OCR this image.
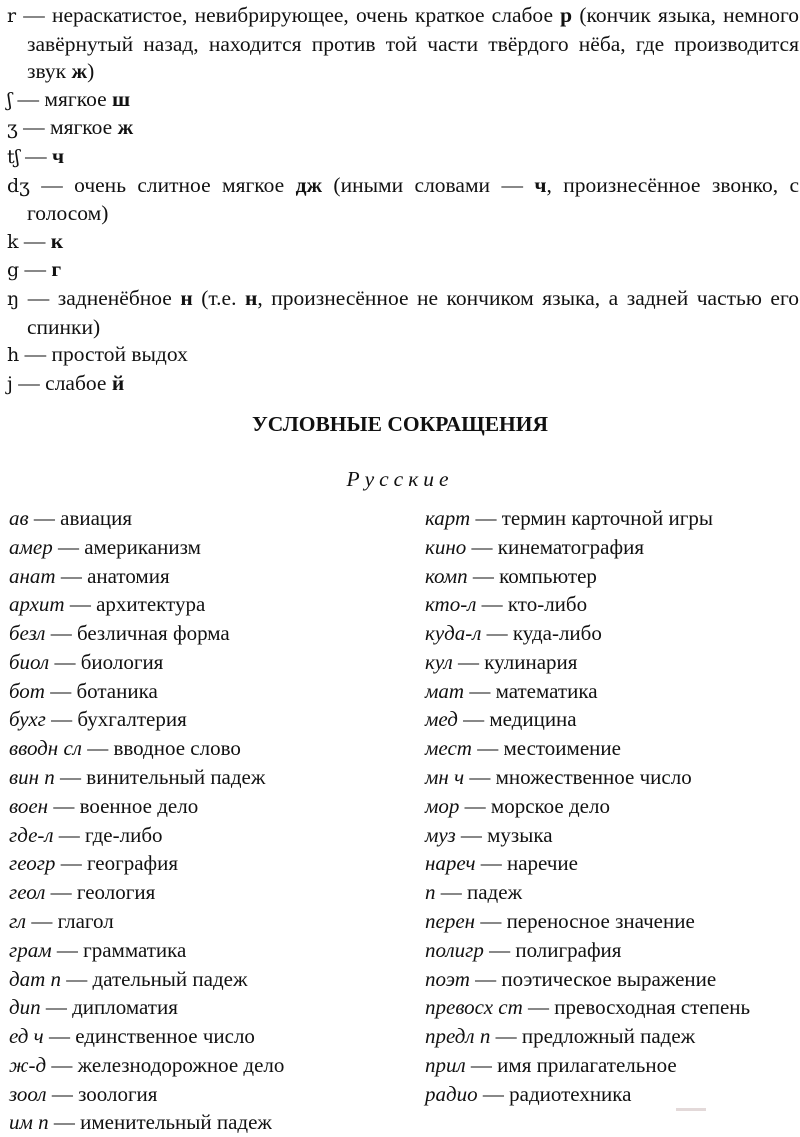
r — нераскатистое, невибрирующее, очень краткое слабое р (кончик языка, немного завёрнутый назад, находится против той части твёрдого нёба, где производится звук ж)
ʃ — мягкое ш
ʒ — мягкое ж
tʃ — ч
dʒ — очень слитное мягкое дж (иными словами — ч, произнесённое звонко, с голосом)
k — к
g — г
ŋ — задненёбное н (т.е. н, произнесённое не кончиком языка, а задней частью его спинки)
h — простой выдох
j — слабое й
УСЛОВНЫЕ СОКРАЩЕНИЯ
Русские
ав — авиация
амер — американизм
анат — анатомия
архит — архитектура
безл — безличная форма
биол — биология
бот — ботаника
бухг — бухгалтерия
вводн сл — вводное слово
вин п — винительный падеж
воен — военное дело
где-л — где-либо
геогр — география
геол — геология
гл — глагол
грам — грамматика
дат п — дательный падеж
дип — дипломатия
ед ч — единственное число
ж-д — железнодорожное дело
зоол — зоология
им п — именительный падеж
карт — термин карточной игры
кино — кинематография
комп — компьютер
кто-л — кто-либо
куда-л — куда-либо
кул — кулинария
мат — математика
мед — медицина
мест — местоимение
мн ч — множественное число
мор — морское дело
муз — музыка
нареч — наречие
п — падеж
перен — переносное значение
полигр — полиграфия
поэт — поэтическое выражение
превосх ст — превосходная степень
предл п — предложный падеж
прил — имя прилагательное
радио — радиотехника
